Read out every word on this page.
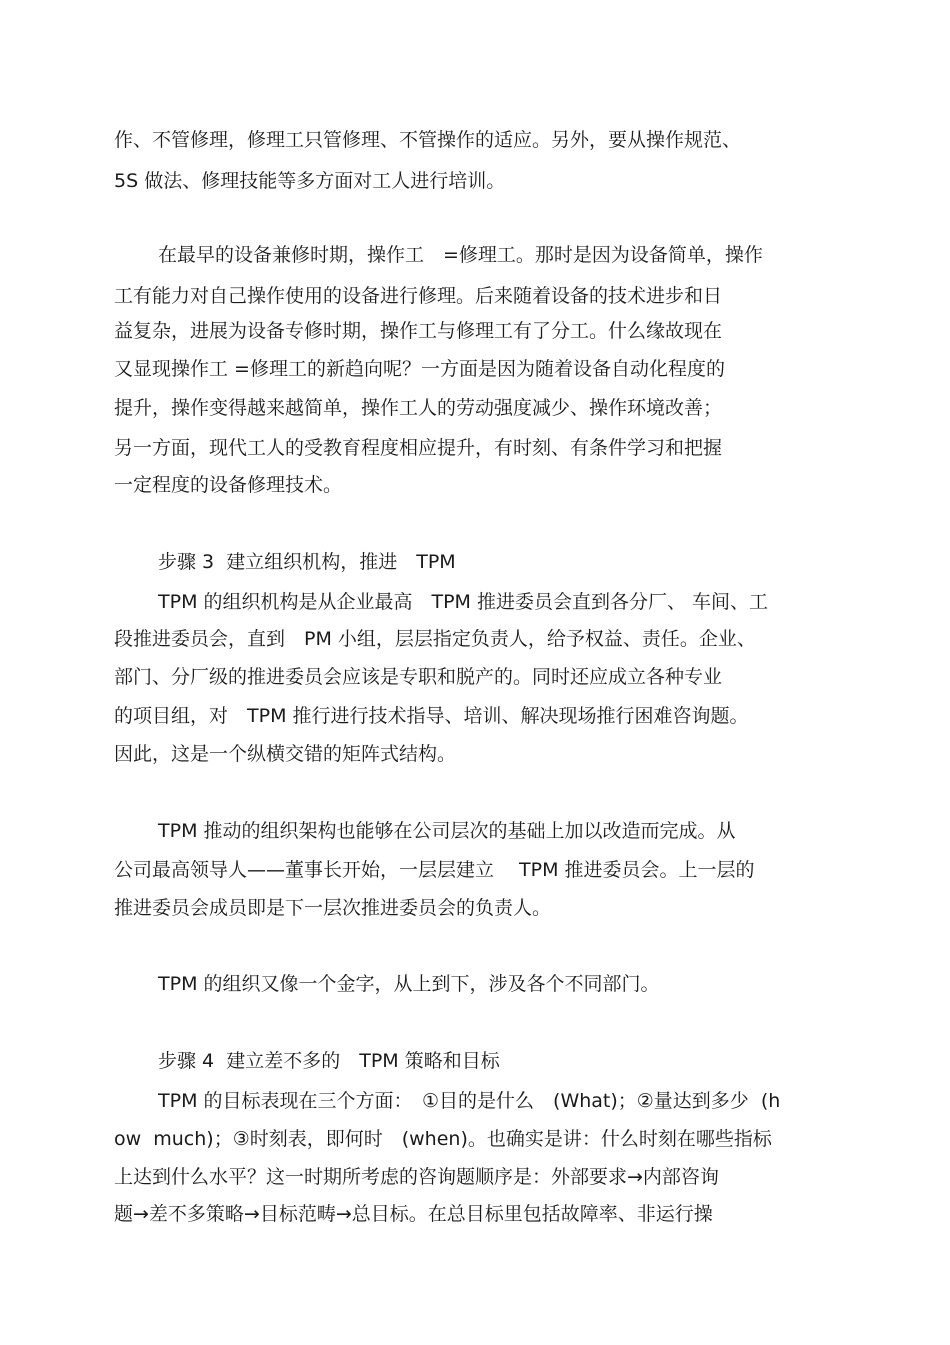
作、不管修理，修理工只管修理、不管操作的适应。另外，要从操作规范、
5S 做法、修理技能等多方面对工人进行培训。
在最早的设备兼修时期，操作工　=修理工。那时是因为设备简单，操作
工有能力对自己操作使用的设备进行修理。后来随着设备的技术进步和日
益复杂，进展为设备专修时期，操作工与修理工有了分工。什么缘故现在
又显现操作工 =修理工的新趋向呢？一方面是因为随着设备自动化程度的
提升，操作变得越来越简单，操作工人的劳动强度减少、操作环境改善；
另一方面，现代工人的受教育程度相应提升，有时刻、有条件学习和把握
一定程度的设备修理技术。
步骤 3  建立组织机构，推进　TPM
TPM 的组织机构是从企业最高　TPM 推进委员会直到各分厂、 车间、工
段推进委员会，直到　PM 小组，层层指定负责人，给予权益、责任。企业、
部门、分厂级的推进委员会应该是专职和脱产的。同时还应成立各种专业
的项目组，对　TPM 推行进行技术指导、培训、解决现场推行困难咨询题。
因此，这是一个纵横交错的矩阵式结构。
TPM 推动的组织架构也能够在公司层次的基础上加以改造而完成。从
公司最高领导人——董事长开始，一层层建立　 TPM 推进委员会。上一层的
推进委员会成员即是下一层次推进委员会的负责人。
TPM 的组织又像一个金字，从上到下，涉及各个不同部门。
步骤 4  建立差不多的　TPM 策略和目标
TPM 的目标表现在三个方面：　①目的是什么　(What)；②量达到多少  (h
ow  much)；③时刻表，即何时　(when)。也确实是讲：什么时刻在哪些指标
上达到什么水平？这一时期所考虑的咨询题顺序是：外部要求→内部咨询
题→差不多策略→目标范畴→总目标。在总目标里包括故障率、非运行操
